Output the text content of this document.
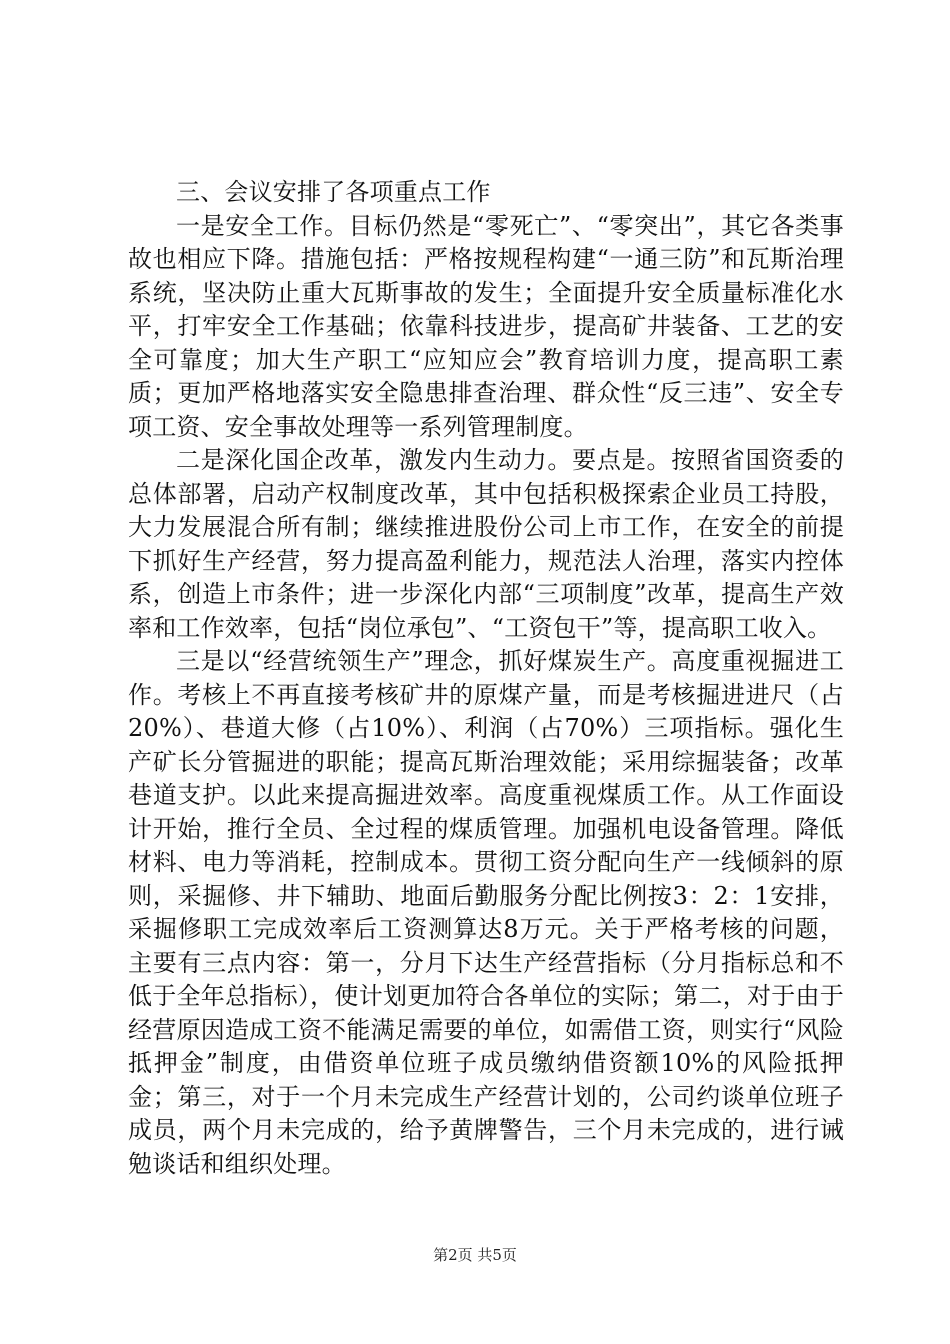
三、会议安排了各项重点工作

一是安全工作。目标仍然是“零死亡”、“零突出”，其它各类事故也相应下降。措施包括：严格按规程构建“一通三防”和瓦斯治理系统，坚决防止重大瓦斯事故的发生；全面提升安全质量标准化水平，打牢安全工作基础；依靠科技进步，提高矿井装备、工艺的安全可靠度；加大生产职工“应知应会”教育培训力度，提高职工素质；更加严格地落实安全隐患排查治理、群众性“反三违”、安全专项工资、安全事故处理等一系列管理制度。

二是深化国企改革，激发内生动力。要点是。按照省国资委的总体部署，启动产权制度改革，其中包括积极探索企业员工持股，大力发展混合所有制；继续推进股份公司上市工作，在安全的前提下抓好生产经营，努力提高盈利能力，规范法人治理，落实内控体系，创造上市条件；进一步深化内部“三项制度”改革，提高生产效率和工作效率，包括“岗位承包”、“工资包干”等，提高职工收入。

三是以“经营统领生产”理念，抓好煤炭生产。高度重视掘进工作。考核上不再直接考核矿井的原煤产量，而是考核掘进进尺（占20%）、巷道大修（占10%）、利润（占70%）三项指标。强化生产矿长分管掘进的职能；提高瓦斯治理效能；采用综掘装备；改革巷道支护。以此来提高掘进效率。高度重视煤质工作。从工作面设计开始，推行全员、全过程的煤质管理。加强机电设备管理。降低材料、电力等消耗，控制成本。贯彻工资分配向生产一线倾斜的原则，采掘修、井下辅助、地面后勤服务分配比例按3：2：1安排，采掘修职工完成效率后工资测算达8万元。关于严格考核的问题，主要有三点内容：第一，分月下达生产经营指标（分月指标总和不低于全年总指标），使计划更加符合各单位的实际；第二，对于由于经营原因造成工资不能满足需要的单位，如需借工资，则实行“风险抵押金”制度，由借资单位班子成员缴纳借资额10%的风险抵押金；第三，对于一个月未完成生产经营计划的，公司约谈单位班子成员，两个月未完成的，给予黄牌警告，三个月未完成的，进行诫勉谈话和组织处理。

第2页 共5页
